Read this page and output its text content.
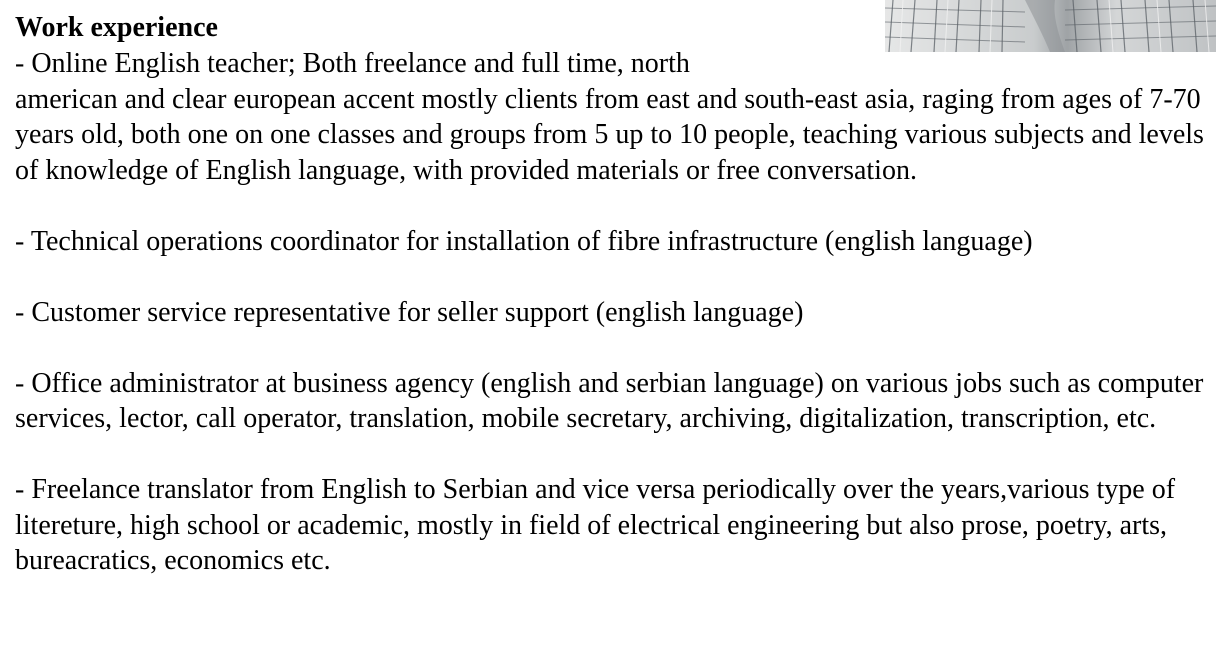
Work experience

- Online English teacher; Both freelance and full time, north
american and clear european accent mostly clients from east and south-east asia, raging from ages of 7-70 years old, both one on one classes and groups from 5 up to 10 people, teaching various subjects and levels of knowledge of English language, with provided materials or free conversation.

- Technical operations coordinator for installation of fibre infrastructure (english language)

- Customer service representative for seller support (english language)

- Office administrator at business agency (english and serbian language) on various jobs such as computer services, lector, call operator, translation, mobile secretary, archiving, digitalization, transcription, etc.

- Freelance translator from English to Serbian and vice versa periodically over the years,various type of litereture, high school or academic, mostly in field of electrical engineering but also prose, poetry, arts, bureacratics, economics etc.
